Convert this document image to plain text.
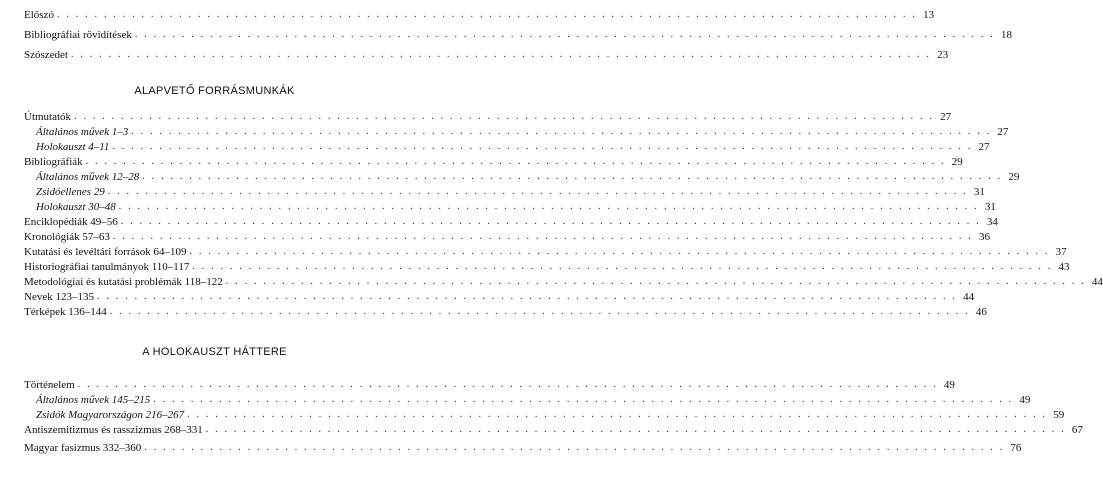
Előszó . . . . . . . . . . . . . . . . . . . . . . . . . . . . . . . . . . . . . . . . . . . . . . . . . . . . . . . . . . . . . . . . . . . . . . . . . . . . . . . . . . . . . . . . . . . . 13
Bibliográfiai rövidítések . . . . . . . . . . . . . . . . . . . . . . . . . . . . . . . . . . . . . . . . . . . . . . . . . . . . . . . . . . . . . . . . . . . . . . . . . . . . . . . . . . . . . . . . . . . . 18
Szószedet . . . . . . . . . . . . . . . . . . . . . . . . . . . . . . . . . . . . . . . . . . . . . . . . . . . . . . . . . . . . . . . . . . . . . . . . . . . . . . . . . . . . . . . . . . . . 23
ALAPVETŐ FORRÁSMUNKÁK
Útmutatók . . . . . . . . . . . . . . . . . . . . . . . . . . . . . . . . . . . . . . . . . . . . . . . . . . . . . . . . . . . . . . . . . . . . . . . . . . . . . . . . . . . . . . . . . . . . 27
Általános művek 1–3 . . . . . . . . . . . . . . . . . . . . . . . . . . . . . . . . . . . . . . . . . . . . . . . . . . . . . . . . . . . . . . . . . . . . . . . . . . . . . . . . . . . . . . . . . . . . 27
Holokauszt 4–11 . . . . . . . . . . . . . . . . . . . . . . . . . . . . . . . . . . . . . . . . . . . . . . . . . . . . . . . . . . . . . . . . . . . . . . . . . . . . . . . . . . . . . . . . . . . . 27
Bibliográfiák . . . . . . . . . . . . . . . . . . . . . . . . . . . . . . . . . . . . . . . . . . . . . . . . . . . . . . . . . . . . . . . . . . . . . . . . . . . . . . . . . . . . . . . . . . . . 29
Általános művek 12–28 . . . . . . . . . . . . . . . . . . . . . . . . . . . . . . . . . . . . . . . . . . . . . . . . . . . . . . . . . . . . . . . . . . . . . . . . . . . . . . . . . . . . . . . . . . . . 29
Zsidóellenes 29 . . . . . . . . . . . . . . . . . . . . . . . . . . . . . . . . . . . . . . . . . . . . . . . . . . . . . . . . . . . . . . . . . . . . . . . . . . . . . . . . . . . . . . . . . . . . 31
Holokauszt 30–48 . . . . . . . . . . . . . . . . . . . . . . . . . . . . . . . . . . . . . . . . . . . . . . . . . . . . . . . . . . . . . . . . . . . . . . . . . . . . . . . . . . . . . . . . . . . . 31
Enciklopédiák 49–56 . . . . . . . . . . . . . . . . . . . . . . . . . . . . . . . . . . . . . . . . . . . . . . . . . . . . . . . . . . . . . . . . . . . . . . . . . . . . . . . . . . . . . . . . . . . . 34
Kronológiák 57–63 . . . . . . . . . . . . . . . . . . . . . . . . . . . . . . . . . . . . . . . . . . . . . . . . . . . . . . . . . . . . . . . . . . . . . . . . . . . . . . . . . . . . . . . . . . . . 36
Kutatási és levéltári források 64–109 . . . . . . . . . . . . . . . . . . . . . . . . . . . . . . . . . . . . . . . . . . . . . . . . . . . . . . . . . . . . . . . . . . . . . . . . . . . . . . . . . . . . . . . . . . . . 37
Historiográfiai tanulmányok 110–117 . . . . . . . . . . . . . . . . . . . . . . . . . . . . . . . . . . . . . . . . . . . . . . . . . . . . . . . . . . . . . . . . . . . . . . . . . . . . . . . . . . . . . . . . . . . . 43
Metodológiai és kutatási problémák 118–122 . . . . . . . . . . . . . . . . . . . . . . . . . . . . . . . . . . . . . . . . . . . . . . . . . . . . . . . . . . . . . . . . . . . . . . . . . . . . . . . . . . . . . . . . . . . . 44
Nevek 123–135 . . . . . . . . . . . . . . . . . . . . . . . . . . . . . . . . . . . . . . . . . . . . . . . . . . . . . . . . . . . . . . . . . . . . . . . . . . . . . . . . . . . . . . . . . . . . 44
Térképek 136–144 . . . . . . . . . . . . . . . . . . . . . . . . . . . . . . . . . . . . . . . . . . . . . . . . . . . . . . . . . . . . . . . . . . . . . . . . . . . . . . . . . . . . . . . . . . . . 46
A HOLOKAUSZT HÁTTERE
Történelem . . . . . . . . . . . . . . . . . . . . . . . . . . . . . . . . . . . . . . . . . . . . . . . . . . . . . . . . . . . . . . . . . . . . . . . . . . . . . . . . . . . . . . . . . . . . 49
Általános művek 145–215 . . . . . . . . . . . . . . . . . . . . . . . . . . . . . . . . . . . . . . . . . . . . . . . . . . . . . . . . . . . . . . . . . . . . . . . . . . . . . . . . . . . . . . . . . . . . 49
Zsidók Magyarországon 216–267 . . . . . . . . . . . . . . . . . . . . . . . . . . . . . . . . . . . . . . . . . . . . . . . . . . . . . . . . . . . . . . . . . . . . . . . . . . . . . . . . . . . . . . . . . . . . 59
Antiszemitizmus és rasszizmus 268–331 . . . . . . . . . . . . . . . . . . . . . . . . . . . . . . . . . . . . . . . . . . . . . . . . . . . . . . . . . . . . . . . . . . . . . . . . . . . . . . . . . . . . . . . . . . . . 67
Magyar fasizmus 332–360 . . . . . . . . . . . . . . . . . . . . . . . . . . . . . . . . . . . . . . . . . . . . . . . . . . . . . . . . . . . . . . . . . . . . . . . . . . . . . . . . . . . . . . . . . . . . 76
